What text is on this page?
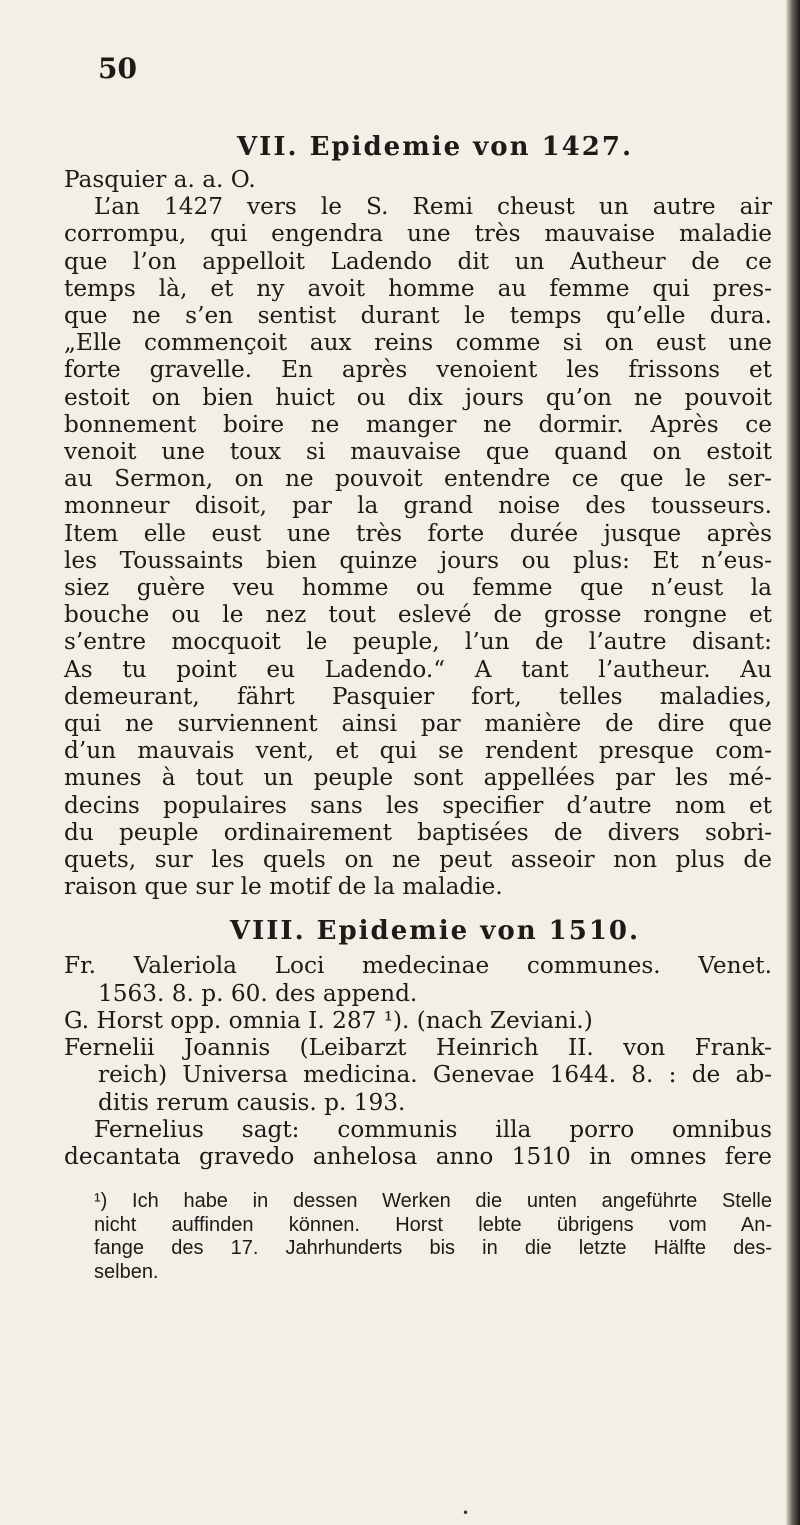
50
VII. Epidemie von 1427.

Pasquier a. a. O.

L’an 1427 vers le S. Remi cheust un autre air

corrompu, qui engendra une très mauvaise maladie

que l’on appelloit Ladendo dit un Autheur de ce

temps là, et ny avoit homme au femme qui pres-

que ne s’en sentist durant le temps qu’elle dura.

„Elle commençoit aux reins comme si on eust une

forte gravelle. En après venoient les frissons et

estoit on bien huict ou dix jours qu’on ne pouvoit

bonnement boire ne manger ne dormir. Après ce

venoit une toux si mauvaise que quand on estoit

au Sermon, on ne pouvoit entendre ce que le ser-

monneur disoit, par la grand noise des tousseurs.

Item elle eust une très forte durée jusque après

les Toussaints bien quinze jours ou plus: Et n’eus-

siez guère veu homme ou femme que n’eust la

bouche ou le nez tout eslevé de grosse rongne et

s’entre mocquoit le peuple, l’un de l’autre disant:

As tu point eu Ladendo.“ A tant l’autheur. Au

demeurant, fährt Pasquier fort, telles maladies,

qui ne surviennent ainsi par manière de dire que

d’un mauvais vent, et qui se rendent presque com-

munes à tout un peuple sont appellées par les mé-

decins populaires sans les specifier d’autre nom et

du peuple ordinairement baptisées de divers sobri-

quets, sur les quels on ne peut asseoir non plus de

raison que sur le motif de la maladie.

VIII. Epidemie von 1510.

Fr. Valeriola Loci medecinae communes. Venet.

1563. 8. p. 60. des append.

G. Horst opp. omnia I. 287 ¹). (nach Zeviani.)

Fernelii Joannis (Leibarzt Heinrich II. von Frank-

reich) Universa medicina. Genevae 1644. 8. : de ab-

ditis rerum causis. p. 193.

Fernelius sagt: communis illa porro omnibus

decantata gravedo anhelosa anno 1510 in omnes fere

¹) Ich habe in dessen Werken die unten angeführte Stelle

nicht auffinden können. Horst lebte übrigens vom An-

fange des 17. Jahrhunderts bis in die letzte Hälfte des-

selben.

•
